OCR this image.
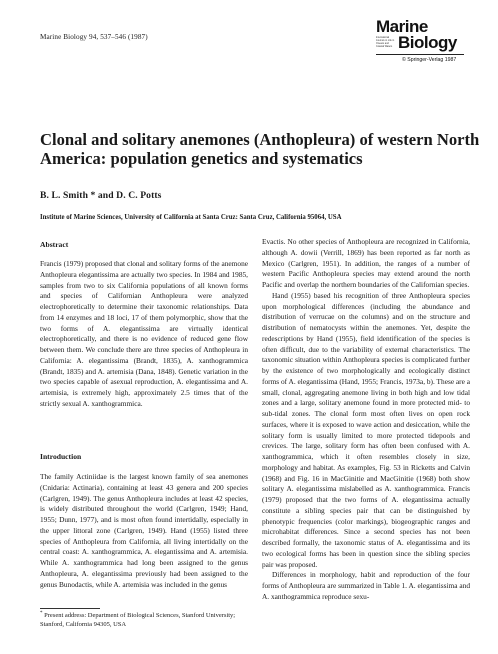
Marine Biology 94, 537–546 (1987)
Marine
International Journal on Life in Oceans and Coastal Waters Biology
© Springer-Verlag 1987
Clonal and solitary anemones (Anthopleura) of western North America: population genetics and systematics
B. L. Smith * and D. C. Potts
Institute of Marine Sciences, University of California at Santa Cruz: Santa Cruz, California 95064, USA
Abstract

Francis (1979) proposed that clonal and solitary forms of the anemone Anthopleura elegantissima are actually two species. In 1984 and 1985, samples from two to six California populations of all known forms and species of Californian Anthopleura were analyzed electrophoretically to determine their taxonomic relationships. Data from 14 enzymes and 18 loci, 17 of them polymorphic, show that the two forms of A. elegantissima are virtually identical electrophoretically, and there is no evidence of reduced gene flow between them. We conclude there are three species of Anthopleura in California: A. elegantissima (Brandt, 1835), A. xanthogrammica (Brandt, 1835) and A. artemisia (Dana, 1848). Genetic variation in the two species capable of asexual reproduction, A. elegantissima and A. artemisia, is extremely high, approximately 2.5 times that of the strictly sexual A. xanthogrammica.

Introduction

The family Actiniidae is the largest known family of sea anemones (Cnidaria: Actinaria), containing at least 43 genera and 200 species (Carlgren, 1949). The genus Anthopleura includes at least 42 species, is widely distributed throughout the world (Carlgren, 1949; Hand, 1955; Dunn, 1977), and is most often found intertidally, especially in the upper littoral zone (Carlgren, 1949). Hand (1955) listed three species of Anthopleura from California, all living intertidally on the central coast: A. xanthogrammica, A. elegantissima and A. artemisia. While A. xanthogrammica had long been assigned to the genus Anthopleura, A. elegantissima previously had been assigned to the genus Bunodactis, while A. artemisia was included in the genus

Evactis. No other species of Anthopleura are recognized in California, although A. dowii (Verrill, 1869) has been reported as far north as Mexico (Carlgren, 1951). In addition, the ranges of a number of western Pacific Anthopleura species may extend around the north Pacific and overlap the northern boundaries of the Californian species.

Hand (1955) based his recognition of three Anthopleura species upon morphological differences (including the abundance and distribution of verrucae on the columns) and on the structure and distribution of nematocysts within the anemones. Yet, despite the redescriptions by Hand (1955), field identification of the species is often difficult, due to the variability of external characteristics. The taxonomic situation within Anthopleura species is complicated further by the existence of two morphologically and ecologically distinct forms of A. elegantissima (Hand, 1955; Francis, 1973a, b). These are a small, clonal, aggregating anemone living in both high and low tidal zones and a large, solitary anemone found in more protected mid- to sub-tidal zones. The clonal form most often lives on open rock surfaces, where it is exposed to wave action and desiccation, while the solitary form is usually limited to more protected tidepools and crevices. The large, solitary form has often been confused with A. xanthogrammica, which it often resembles closely in size, morphology and habitat. As examples, Fig. 53 in Ricketts and Calvin (1968) and Fig. 16 in MacGinitie and MacGinitie (1968) both show solitary A. elegantissima mislabelled as A. xanthogrammica. Francis (1979) proposed that the two forms of A. elegantissima actually constitute a sibling species pair that can be distinguished by phenotypic frequencies (color markings), biogeographic ranges and microhabitat differences. Since a second species has not been described formally, the taxonomic status of A. elegantissima and its two ecological forms has been in question since the sibling species pair was proposed.

Differences in morphology, habit and reproduction of the four forms of Anthopleura are summarized in Table 1. A. elegantissima and A. xanthogrammica reproduce sexu-

* Present address: Department of Biological Sciences, Stanford University; Stanford, California 94305, USA
